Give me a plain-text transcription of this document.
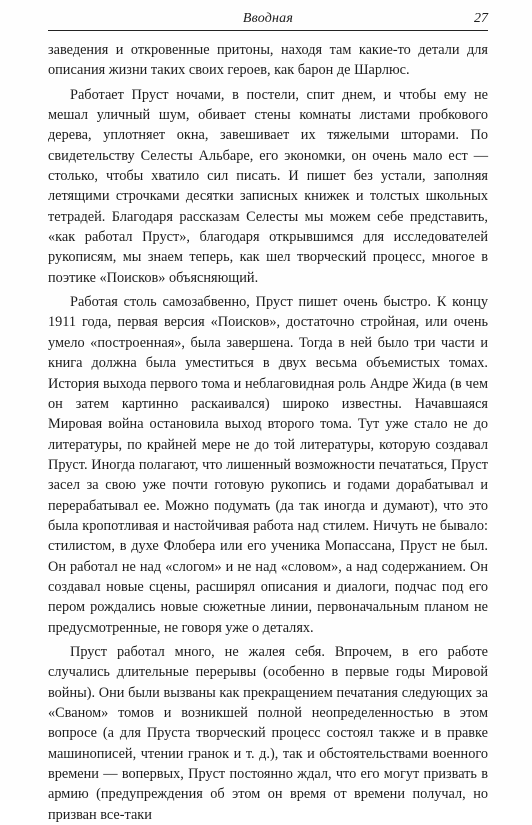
Вводная	27

заведения и откровенные притоны, находя там какие-то детали для описания жизни таких своих героев, как барон де Шарлюс.

Работает Пруст ночами, в постели, спит днем, и чтобы ему не мешал уличный шум, обивает стены комнаты листами пробкового дерева, уплотняет окна, завешивает их тяжелыми шторами. По свидетельству Селесты Альбаре, его экономки, он очень мало ест — столько, чтобы хватило сил писать. И пишет без устали, заполняя летящими строчками десятки записных книжек и толстых школьных тетрадей. Благодаря рассказам Селесты мы можем себе представить, «как работал Пруст», благодаря открывшимся для исследователей рукописям, мы знаем теперь, как шел творческий процесс, многое в поэтике «Поисков» объясняющий.

Работая столь самозабвенно, Пруст пишет очень быстро. К концу 1911 года, первая версия «Поисков», достаточно стройная, или очень умело «построенная», была завершена. Тогда в ней было три части и книга должна была уместиться в двух весьма объемистых томах. История выхода первого тома и неблаговидная роль Андре Жида (в чем он затем картинно раскаивался) широко известны. Начавшаяся Мировая война остановила выход второго тома. Тут уже стало не до литературы, по крайней мере не до той литературы, которую создавал Пруст. Иногда полагают, что лишенный возможности печататься, Пруст засел за свою уже почти готовую рукопись и годами дорабатывал и перерабатывал ее. Можно подумать (да так иногда и думают), что это была кропотливая и настойчивая работа над стилем. Ничуть не бывало: стилистом, в духе Флобера или его ученика Мопассана, Пруст не был. Он работал не над «слогом» и не над «словом», а над содержанием. Он создавал новые сцены, расширял описания и диалоги, подчас под его пером рождались новые сюжетные линии, первоначальным планом не предусмотренные, не говоря уже о деталях.

Пруст работал много, не жалея себя. Впрочем, в его работе случались длительные перерывы (особенно в первые годы Мировой войны). Они были вызваны как прекращением печатания следующих за «Сваном» томов и возникшей полной неопределенностью в этом вопросе (а для Пруста творческий процесс состоял также и в правке машинописей, чтении гранок и т. д.), так и обстоятельствами военного времени — вопервых, Пруст постоянно ждал, что его могут призвать в армию (предупреждения об этом он время от времени получал, но призван все-таки
